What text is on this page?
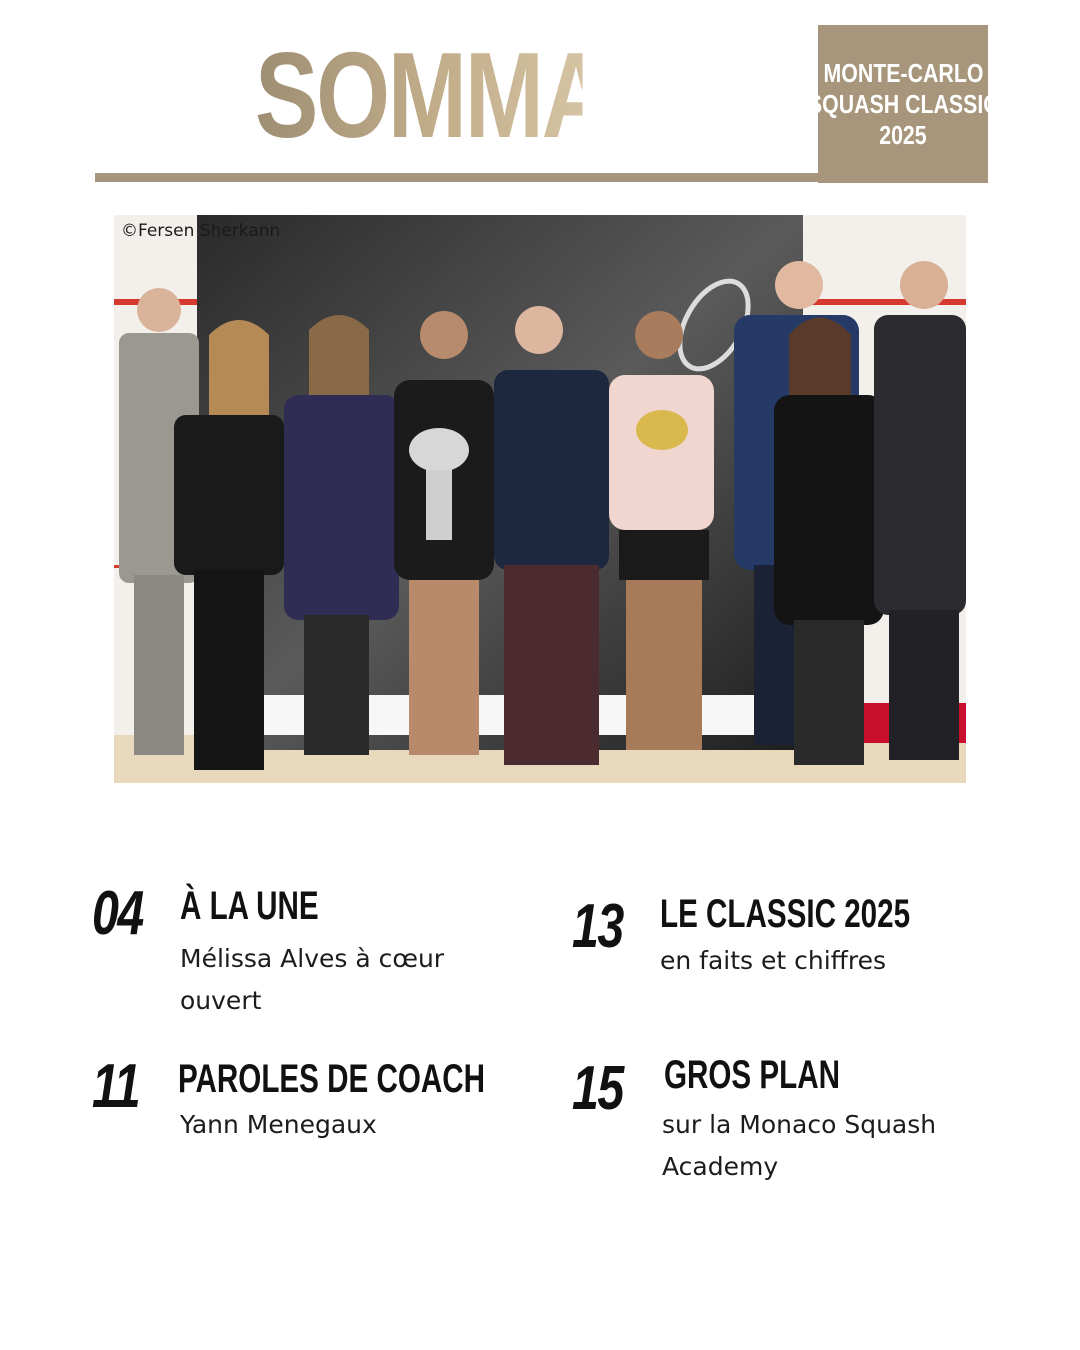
SOMMAIRE MONTE-CARLO
SQUASH CLASSIC
2025
©Fersen Sherkann
04 À LA UNE
Mélissa Alves à cœur ouvert
13 LE CLASSIC 2025
en faits et chiffres
11 PAROLES DE COACH
Yann Menegaux
15 GROS PLAN
sur la Monaco Squash Academy
